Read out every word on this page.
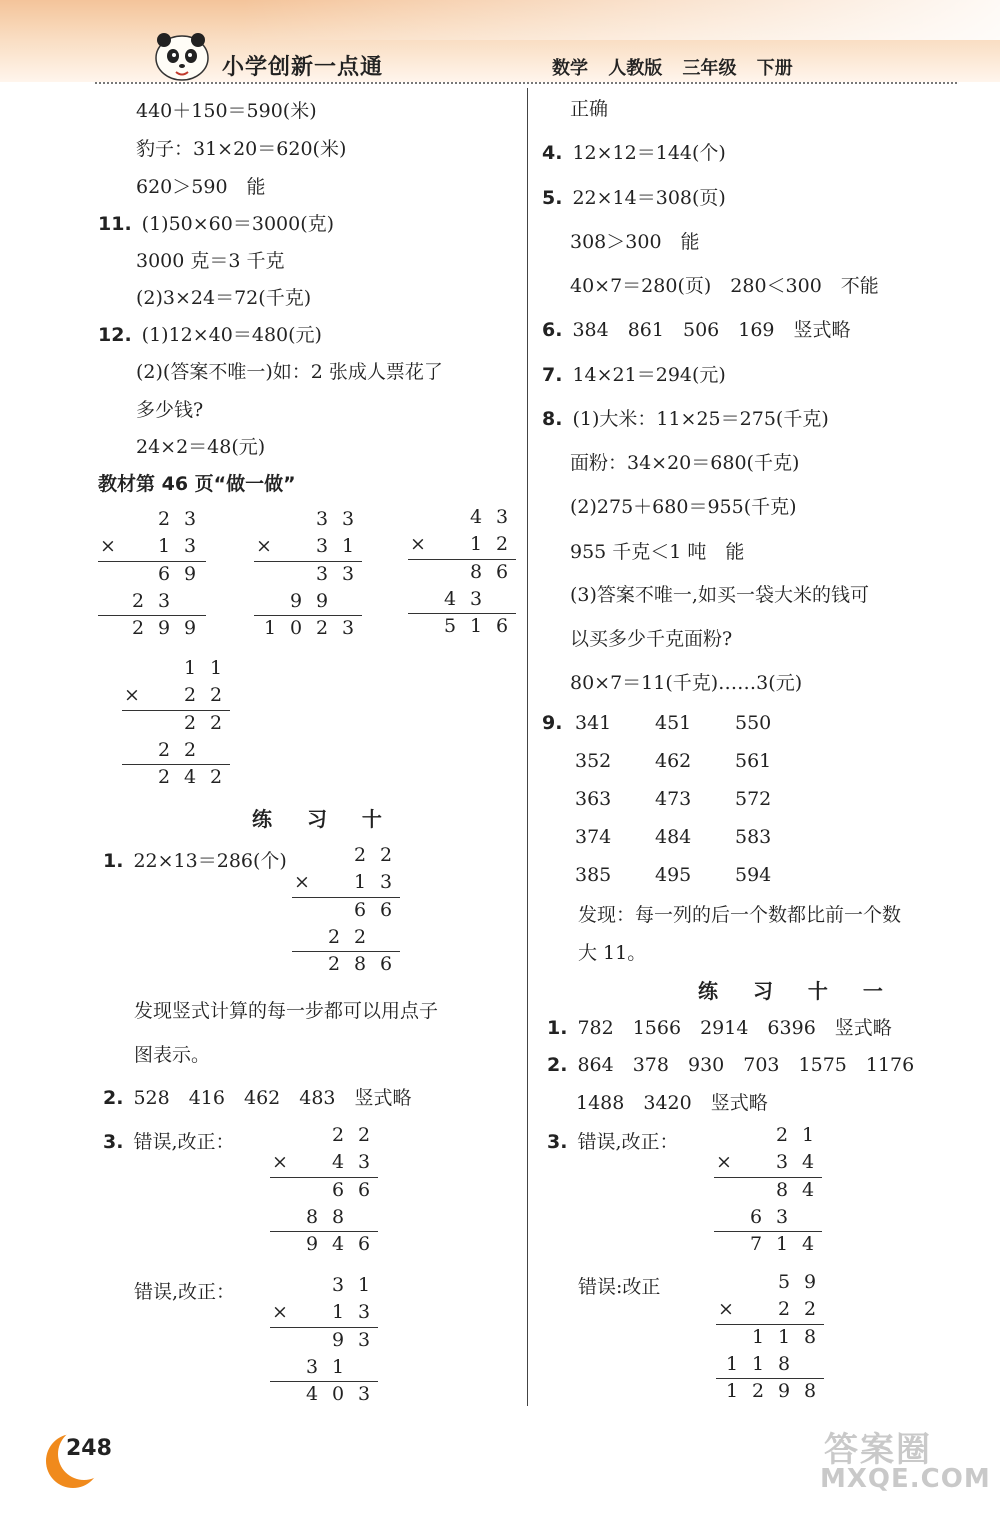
小学创新一点通	数学 人教版 三年级 下册
440＋150＝590(米)
豹子：31×20＝620(米)
620＞590　能
11. (1)50×60＝3000(克)
3000 克＝3 千克
(2)3×24＝72(千克)
12. (1)12×40＝480(元)
(2)(答案不唯一)如：2 张成人票花了
多少钱?
24×2＝48(元)
教材第 46 页“做一做”
2 3
× 1 3
6 9
2 3
2 9 9
3 3
× 3 1
3 3
9 9
1 0 2 3
4 3
× 1 2
8 6
4 3
5 1 6
1 1
× 2 2
2 2
2 2
2 4 2
练 习 十
1. 22×13＝286(个)	2 2
× 1 3
6 6
2 2
2 8 6
发现竖式计算的每一步都可以用点子
图表示。
2. 528　416　462　483　竖式略
3. 错误,改正：	2 2
× 4 3
6 6
8 8
9 4 6
错误,改正：	3 1
× 1 3
9 3
3 1
4 0 3
正确
4. 12×12＝144(个)
5. 22×14＝308(页)
308＞300　能
40×7＝280(页)　280＜300　不能
6. 384　861　506　169　竖式略
7. 14×21＝294(元)
8. (1)大米：11×25＝275(千克)
面粉：34×20＝680(千克)
(2)275＋680＝955(千克)
955 千克＜1 吨　能
(3)答案不唯一,如买一袋大米的钱可
以买多少千克面粉?
80×7＝11(千克)……3(元)
9. 341 451 550
352 462 561
363 473 572
374 484 583
385 495 594
发现：每一列的后一个数都比前一个数
大 11。
练 习 十 一
1. 782　1566　2914　6396　竖式略
2. 864　378　930　703　1575　1176
1488　3420　竖式略
3. 错误,改正：	2 1
× 3 4
8 4
6 3
7 1 4
错误:改正	5 9
× 2 2
1 1 8
1 1 8
1 2 9 8
248	答案圈
MXQE.COM
